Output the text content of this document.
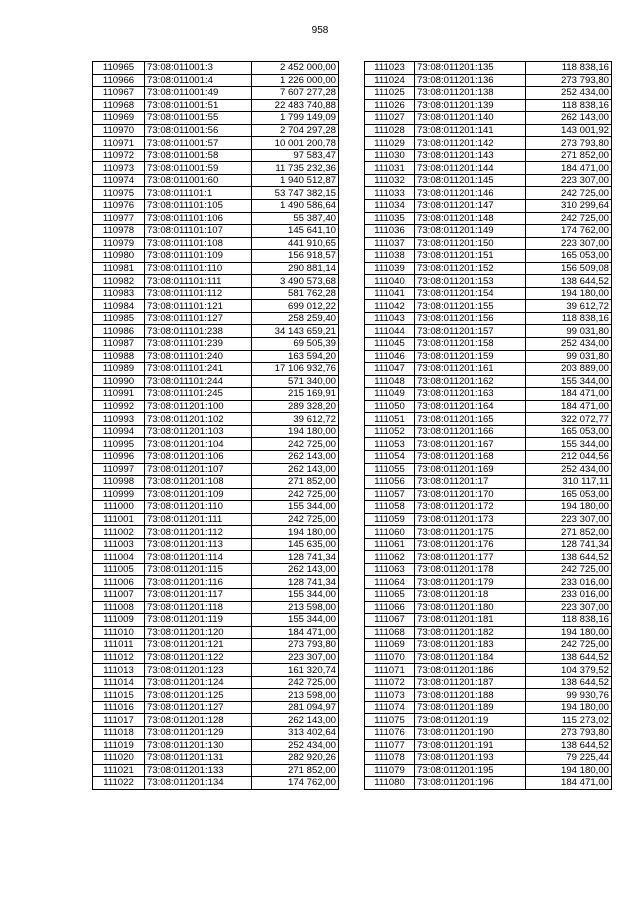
958
110965	73:08:011001:3	2 452 000,00
110966	73:08:011001:4	1 226 000,00
110967	73:08:011001:49	7 607 277,28
110968	73:08:011001:51	22 483 740,88
110969	73:08:011001:55	1 799 149,09
110970	73:08:011001:56	2 704 297,28
110971	73:08:011001:57	10 001 200,78
110972	73:08:011001:58	97 583,47
110973	73:08:011001:59	11 735 232,36
110974	73:08:011001:60	1 940 512,87
110975	73:08:011101:1	53 747 382,15
110976	73:08:011101:105	1 490 586,64
110977	73:08:011101:106	55 387,40
110978	73:08:011101:107	145 641,10
110979	73:08:011101:108	441 910,65
110980	73:08:011101:109	156 918,57
110981	73:08:011101:110	290 881,14
110982	73:08:011101:111	3 490 573,68
110983	73:08:011101:112	581 762,28
110984	73:08:011101:121	699 012,22
110985	73:08:011101:127	258 259,40
110986	73:08:011101:238	34 143 659,21
110987	73:08:011101:239	69 505,39
110988	73:08:011101:240	163 594,20
110989	73:08:011101:241	17 106 932,76
110990	73:08:011101:244	571 340,00
110991	73:08:011101:245	215 169,91
110992	73:08:011201:100	289 328,20
110993	73:08:011201:102	39 612,72
110994	73:08:011201:103	194 180,00
110995	73:08:011201:104	242 725,00
110996	73:08:011201:106	262 143,00
110997	73:08:011201:107	262 143,00
110998	73:08:011201:108	271 852,00
110999	73:08:011201:109	242 725,00
111000	73:08:011201:110	155 344,00
111001	73:08:011201:111	242 725,00
111002	73:08:011201:112	194 180,00
111003	73:08:011201:113	145 635,00
111004	73:08:011201:114	128 741,34
111005	73:08:011201:115	262 143,00
111006	73:08:011201:116	128 741,34
111007	73:08:011201:117	155 344,00
111008	73:08:011201:118	213 598,00
111009	73:08:011201:119	155 344,00
111010	73:08:011201:120	184 471,00
111011	73:08:011201:121	273 793,80
111012	73:08:011201:122	223 307,00
111013	73:08:011201:123	161 320,74
111014	73:08:011201:124	242 725,00
111015	73:08:011201:125	213 598,00
111016	73:08:011201:127	281 094,97
111017	73:08:011201:128	262 143,00
111018	73:08:011201:129	313 402,64
111019	73:08:011201:130	252 434,00
111020	73:08:011201:131	282 920,26
111021	73:08:011201:133	271 852,00
111022	73:08:011201:134	174 762,00
111023	73:08:011201:135	118 838,16
111024	73:08:011201:136	273 793,80
111025	73:08:011201:138	252 434,00
111026	73:08:011201:139	118 838,16
111027	73:08:011201:140	262 143,00
111028	73:08:011201:141	143 001,92
111029	73:08:011201:142	273 793,80
111030	73:08:011201:143	271 852,00
111031	73:08:011201:144	184 471,00
111032	73:08:011201:145	223 307,00
111033	73:08:011201:146	242 725,00
111034	73:08:011201:147	310 299,64
111035	73:08:011201:148	242 725,00
111036	73:08:011201:149	174 762,00
111037	73:08:011201:150	223 307,00
111038	73:08:011201:151	165 053,00
111039	73:08:011201:152	156 509,08
111040	73:08:011201:153	138 644,52
111041	73:08:011201:154	194 180,00
111042	73:08:011201:155	39 612,72
111043	73:08:011201:156	118 838,16
111044	73:08:011201:157	99 031,80
111045	73:08:011201:158	252 434,00
111046	73:08:011201:159	99 031,80
111047	73:08:011201:161	203 889,00
111048	73:08:011201:162	155 344,00
111049	73:08:011201:163	184 471,00
111050	73:08:011201:164	184 471,00
111051	73:08:011201:165	322 072,77
111052	73:08:011201:166	165 053,00
111053	73:08:011201:167	155 344,00
111054	73:08:011201:168	212 044,56
111055	73:08:011201:169	252 434,00
111056	73:08:011201:17	310 117,11
111057	73:08:011201:170	165 053,00
111058	73:08:011201:172	194 180,00
111059	73:08:011201:173	223 307,00
111060	73:08:011201:175	271 852,00
111061	73:08:011201:176	128 741,34
111062	73:08:011201:177	138 644,52
111063	73:08:011201:178	242 725,00
111064	73:08:011201:179	233 016,00
111065	73:08:011201:18	233 016,00
111066	73:08:011201:180	223 307,00
111067	73:08:011201:181	118 838,16
111068	73:08:011201:182	194 180,00
111069	73:08:011201:183	242 725,00
111070	73:08:011201:184	138 644,52
111071	73:08:011201:186	104 379,52
111072	73:08:011201:187	138 644,52
111073	73:08:011201:188	99 930,76
111074	73:08:011201:189	194 180,00
111075	73:08:011201:19	115 273,02
111076	73:08:011201:190	273 793,80
111077	73:08:011201:191	138 644,52
111078	73:08:011201:193	79 225,44
111079	73:08:011201:195	194 180,00
111080	73:08:011201:196	184 471,00
